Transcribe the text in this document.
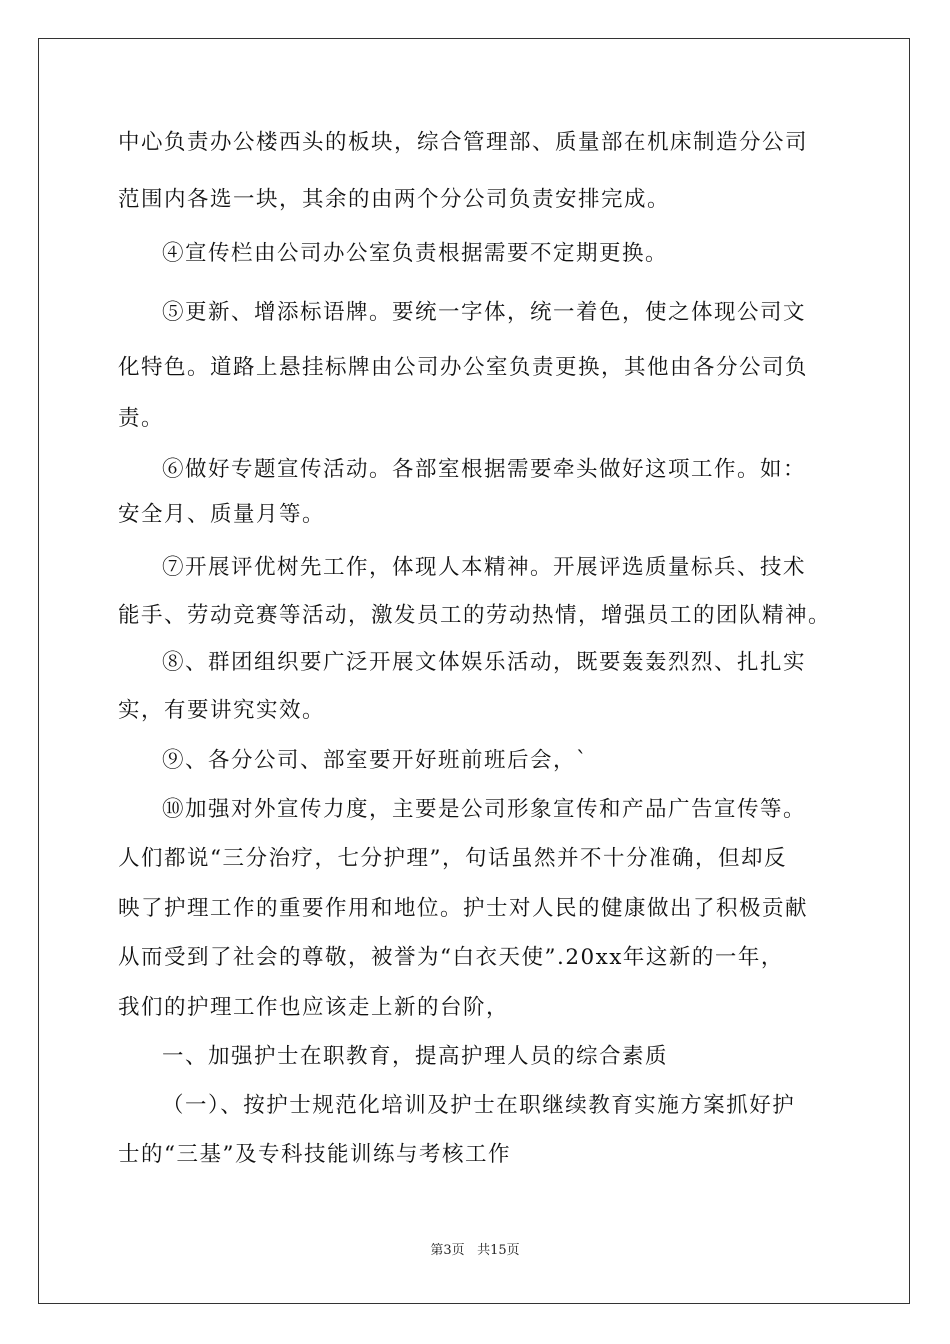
中心负责办公楼西头的板块，综合管理部、质量部在机床制造分公司
范围内各选一块，其余的由两个分公司负责安排完成。
④宣传栏由公司办公室负责根据需要不定期更换。
⑤更新、增添标语牌。要统一字体，统一着色，使之体现公司文
化特色。道路上悬挂标牌由公司办公室负责更换，其他由各分公司负
责。
⑥做好专题宣传活动。各部室根据需要牵头做好这项工作。如：
安全月、质量月等。
⑦开展评优树先工作，体现人本精神。开展评选质量标兵、技术
能手、劳动竞赛等活动，激发员工的劳动热情，增强员工的团队精神。
⑧、群团组织要广泛开展文体娱乐活动，既要轰轰烈烈、扎扎实
实，有要讲究实效。
⑨、各分公司、部室要开好班前班后会，`
⑩加强对外宣传力度，主要是公司形象宣传和产品广告宣传等。
人们都说“三分治疗，七分护理”，句话虽然并不十分准确，但却反
映了护理工作的重要作用和地位。护士对人民的健康做出了积极贡献
从而受到了社会的尊敬，被誉为“白衣天使”.20xx年这新的一年，
我们的护理工作也应该走上新的台阶，
一、加强护士在职教育，提高护理人员的综合素质
（一）、按护士规范化培训及护士在职继续教育实施方案抓好护
士的“三基”及专科技能训练与考核工作
第3页 共15页
